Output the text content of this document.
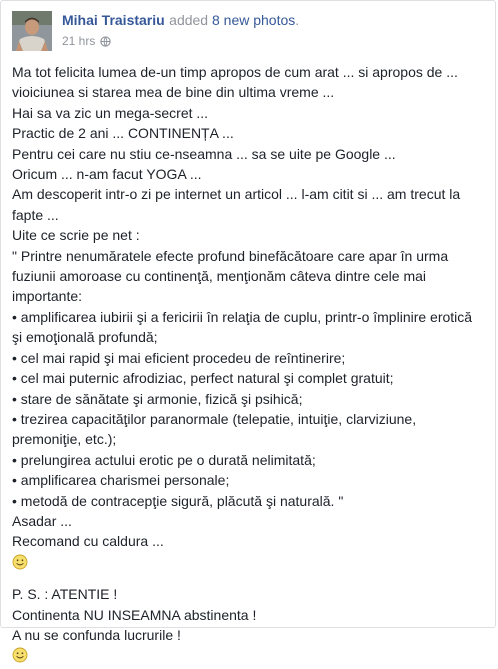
Mihai Traistariu added 8 new photos.
21 hrs
Ma tot felicita lumea de-un timp apropos de cum arat ... si apropos de ...
vioiciunea si starea mea de bine din ultima vreme ...
Hai sa va zic un mega-secret ...
Practic de 2 ani ... CONTINENȚA ...
Pentru cei care nu stiu ce-nseamna ... sa se uite pe Google ...
Oricum ... n-am facut YOGA ...
Am descoperit intr-o zi pe internet un articol ... l-am citit si ... am trecut la
fapte ...
Uite ce scrie pe net :
" Printre nenumăratele efecte profund binefăcătoare care apar în urma
fuziunii amoroase cu continenţă, menţionăm câteva dintre cele mai
importante:
• amplificarea iubirii şi a fericirii în relaţia de cuplu, printr-o împlinire erotică
şi emoţională profundă;
• cel mai rapid şi mai eficient procedeu de reîntinerire;
• cel mai puternic afrodiziac, perfect natural şi complet gratuit;
• stare de sănătate şi armonie, fizică şi psihică;
• trezirea capacităţilor paranormale (telepatie, intuiţie, clarviziune,
premoniţie, etc.);
• prelungirea actului erotic pe o durată nelimitată;
• amplificarea charismei personale;
• metodă de contracepţie sigură, plăcută şi naturală. "
Asadar ...
Recomand cu caldura ...
P. S. : ATENTIE !
Continenta NU INSEAMNA abstinenta !
A nu se confunda lucrurile !
